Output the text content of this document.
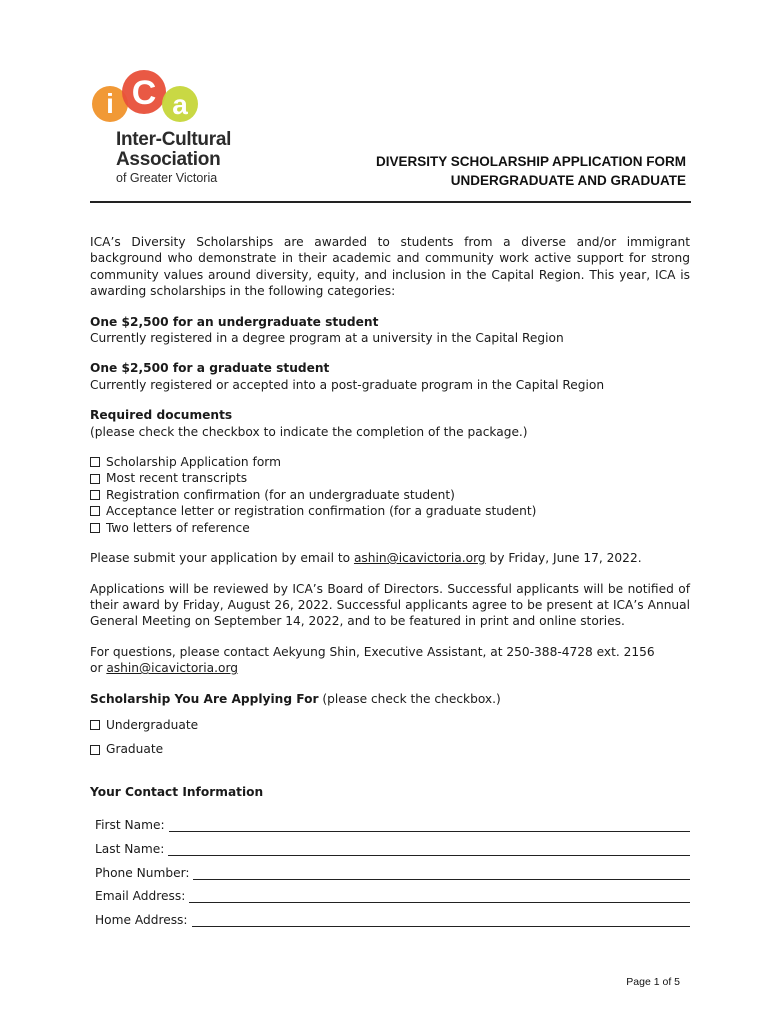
i C a
Inter-Cultural
Association
of Greater Victoria
DIVERSITY SCHOLARSHIP APPLICATION FORM
UNDERGRADUATE AND GRADUATE

ICA’s Diversity Scholarships are awarded to students from a diverse and/or immigrant background who demonstrate in their academic and community work active support for strong community values around diversity, equity, and inclusion in the Capital Region. This year, ICA is awarding scholarships in the following categories:

One $2,500 for an undergraduate student

Currently registered in a degree program at a university in the Capital Region

One $2,500 for a graduate student

Currently registered or accepted into a post-graduate program in the Capital Region

Required documents

(please check the checkbox to indicate the completion of the package.)

Scholarship Application form
Most recent transcripts
Registration confirmation (for an undergraduate student)
Acceptance letter or registration confirmation (for a graduate student)
Two letters of reference

Please submit your application by email to ashin@icavictoria.org by Friday, June 17, 2022.

Applications will be reviewed by ICA’s Board of Directors. Successful applicants will be notified of their award by Friday, August 26, 2022. Successful applicants agree to be present at ICA’s Annual General Meeting on September 14, 2022, and to be featured in print and online stories.

For questions, please contact Aekyung Shin, Executive Assistant, at 250-388-4728 ext. 2156
or ashin@icavictoria.org

Scholarship You Are Applying For (please check the checkbox.)

Undergraduate
Graduate

Your Contact Information

First Name:
Last Name:
Phone Number:
Email Address:
Home Address:
Page 1 of 5
